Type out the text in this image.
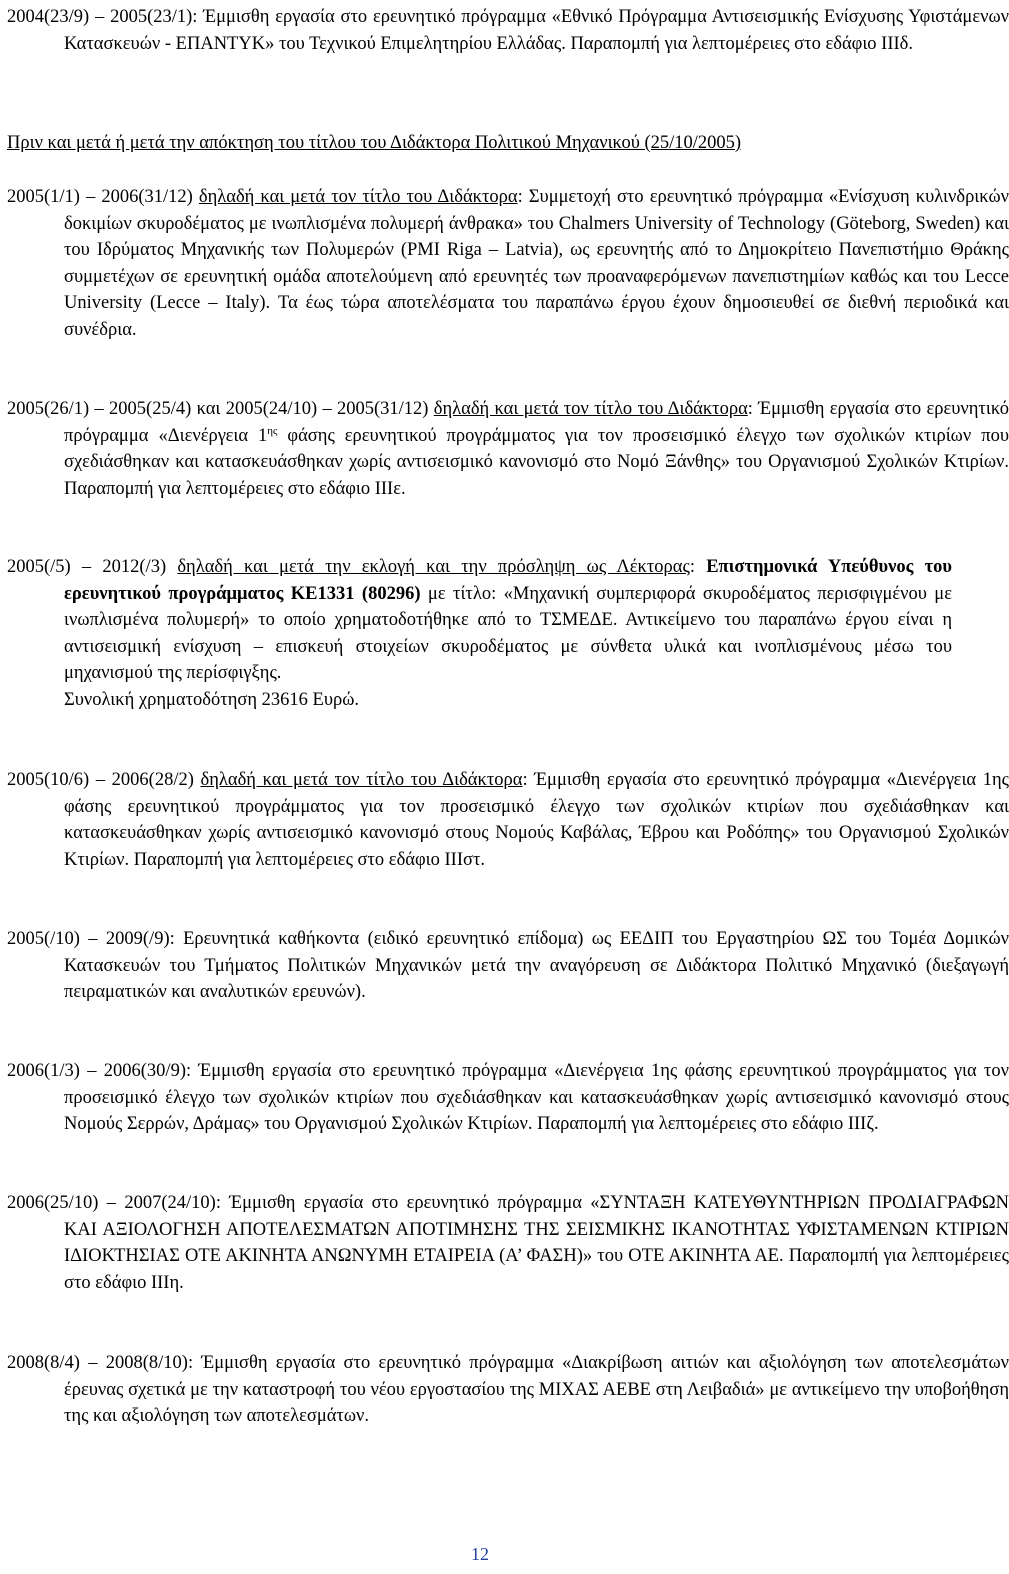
2004(23/9) – 2005(23/1): Έμμισθη εργασία στο ερευνητικό πρόγραμμα «Εθνικό Πρόγραμμα Αντισεισμικής Ενίσχυσης Υφιστάμενων Κατασκευών - ΕΠΑΝΤΥΚ» του Τεχνικού Επιμελητηρίου Ελλάδας. Παραπομπή για λεπτομέρειες στο εδάφιο ΙΙΙδ.

Πριν και μετά ή μετά την απόκτηση του τίτλου του Διδάκτορα Πολιτικού Μηχανικού (25/10/2005)

2005(1/1) – 2006(31/12) δηλαδή και μετά τον τίτλο του Διδάκτορα: Συμμετοχή στο ερευνητικό πρόγραμμα «Ενίσχυση κυλινδρικών δοκιμίων σκυροδέματος με ινωπλισμένα πολυμερή άνθρακα» του Chalmers University of Technology (Göteborg, Sweden) και του Ιδρύματος Μηχανικής των Πολυμερών (PMI Riga – Latvia), ως ερευνητής από το Δημοκρίτειο Πανεπιστήμιο Θράκης συμμετέχων σε ερευνητική ομάδα αποτελούμενη από ερευνητές των προαναφερόμενων πανεπιστημίων καθώς και του Lecce University (Lecce – Italy). Τα έως τώρα αποτελέσματα του παραπάνω έργου έχουν δημοσιευθεί σε διεθνή περιοδικά και συνέδρια.

2005(26/1) – 2005(25/4) και 2005(24/10) – 2005(31/12) δηλαδή και μετά τον τίτλο του Διδάκτορα: Έμμισθη εργασία στο ερευνητικό πρόγραμμα «Διενέργεια $1^{\eta\varsigma}$ φάσης ερευνητικού προγράμματος για τον προσεισμικό έλεγχο των σχολικών κτιρίων που σχεδιάσθηκαν και κατασκευάσθηκαν χωρίς αντισεισμικό κανονισμό στο Νομό Ξάνθης» του Οργανισμού Σχολικών Κτιρίων. Παραπομπή για λεπτομέρειες στο εδάφιο ΙΙΙε.

2005(/5) – 2012(/3) δηλαδή και μετά την εκλογή και την πρόσληψη ως Λέκτορας: Επιστημονικά Υπεύθυνος του ερευνητικού προγράμματος ΚΕ1331 (80296) με τίτλο: «Μηχανική συμπεριφορά σκυροδέματος περισφιγμένου με ινωπλισμένα πολυμερή» το οποίο χρηματοδοτήθηκε από το ΤΣΜΕΔΕ. Αντικείμενο του παραπάνω έργου είναι η αντισεισμική ενίσχυση – επισκευή στοιχείων σκυροδέματος με σύνθετα υλικά και ινοπλισμένους μέσω του μηχανισμού της περίσφιγξης.

Συνολική χρηματοδότηση 23616 Ευρώ.

2005(10/6) – 2006(28/2) δηλαδή και μετά τον τίτλο του Διδάκτορα: Έμμισθη εργασία στο ερευνητικό πρόγραμμα «Διενέργεια 1ης φάσης ερευνητικού προγράμματος για τον προσεισμικό έλεγχο των σχολικών κτιρίων που σχεδιάσθηκαν και κατασκευάσθηκαν χωρίς αντισεισμικό κανονισμό στους Νομούς Καβάλας, Έβρου και Ροδόπης» του Οργανισμού Σχολικών Κτιρίων. Παραπομπή για λεπτομέρειες στο εδάφιο ΙΙΙστ.

2005(/10) – 2009(/9): Ερευνητικά καθήκοντα (ειδικό ερευνητικό επίδομα) ως ΕΕΔΙΠ του Εργαστηρίου ΩΣ του Τομέα Δομικών Κατασκευών του Τμήματος Πολιτικών Μηχανικών μετά την αναγόρευση σε Διδάκτορα Πολιτικό Μηχανικό (διεξαγωγή πειραματικών και αναλυτικών ερευνών).

2006(1/3) – 2006(30/9): Έμμισθη εργασία στο ερευνητικό πρόγραμμα «Διενέργεια 1ης φάσης ερευνητικού προγράμματος για τον προσεισμικό έλεγχο των σχολικών κτιρίων που σχεδιάσθηκαν και κατασκευάσθηκαν χωρίς αντισεισμικό κανονισμό στους Νομούς Σερρών, Δράμας» του Οργανισμού Σχολικών Κτιρίων. Παραπομπή για λεπτομέρειες στο εδάφιο ΙΙΙζ.

2006(25/10) – 2007(24/10): Έμμισθη εργασία στο ερευνητικό πρόγραμμα «ΣΥΝΤΑΞΗ ΚΑΤΕΥΘΥΝΤΗΡΙΩΝ ΠΡΟΔΙΑΓΡΑΦΩΝ ΚΑΙ ΑΞΙΟΛΟΓΗΣΗ ΑΠΟΤΕΛΕΣΜΑΤΩΝ ΑΠΟΤΙΜΗΣΗΣ ΤΗΣ ΣΕΙΣΜΙΚΗΣ ΙΚΑΝΟΤΗΤΑΣ ΥΦΙΣΤΑΜΕΝΩΝ ΚΤΙΡΙΩΝ ΙΔΙΟΚΤΗΣΙΑΣ ΟΤΕ ΑΚΙΝΗΤΑ ΑΝΩΝΥΜΗ ΕΤΑΙΡΕΙΑ (Α’ ΦΑΣΗ)» του ΟΤΕ ΑΚΙΝΗΤΑ ΑΕ. Παραπομπή για λεπτομέρειες στο εδάφιο ΙΙΙη.

2008(8/4) – 2008(8/10): Έμμισθη εργασία στο ερευνητικό πρόγραμμα «Διακρίβωση αιτιών και αξιολόγηση των αποτελεσμάτων έρευνας σχετικά με την καταστροφή του νέου εργοστασίου της ΜΙΧΑΣ ΑΕΒΕ στη Λειβαδιά» με αντικείμενο την υποβοήθηση της και αξιολόγηση των αποτελεσμάτων.

12
